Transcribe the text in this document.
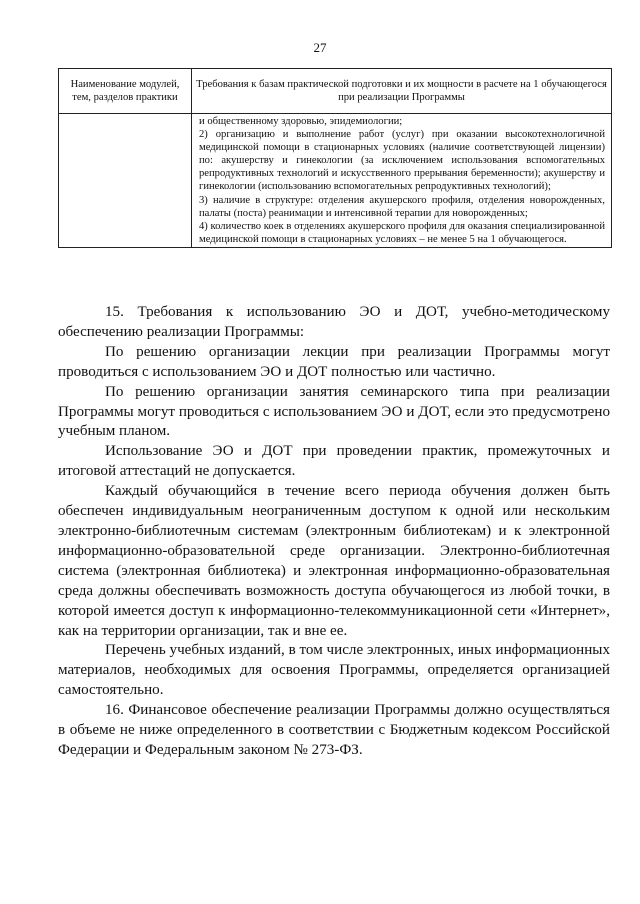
27
Наименование модулей, тем, разделов практики	Требования к базам практической подготовки и их мощности в расчете на 1 обучающегося при реализации Программы

	и общественному здоровью, эпидемиологии;
2) организацию и выполнение работ (услуг) при оказании высокотехнологичной медицинской помощи в стационарных условиях (наличие соответствующей лицензии) по: акушерству и гинекологии (за исключением использования вспомогательных репродуктивных технологий и искусственного прерывания беременности); акушерству и гинекологии (использованию вспомогательных репродуктивных технологий);
3) наличие в структуре: отделения акушерского профиля, отделения новорожденных, палаты (поста) реанимации и интенсивной терапии для новорожденных;
4) количество коек в отделениях акушерского профиля для оказания специализированной медицинской помощи в стационарных условиях – не менее 5 на 1 обучающегося.

15. Требования к использованию ЭО и ДОТ, учебно-методическому обеспечению реализации Программы:

По решению организации лекции при реализации Программы могут проводиться с использованием ЭО и ДОТ полностью или частично.

По решению организации занятия семинарского типа при реализации Программы могут проводиться с использованием ЭО и ДОТ, если это предусмотрено учебным планом.

Использование ЭО и ДОТ при проведении практик, промежуточных и итоговой аттестаций не допускается.

Каждый обучающийся в течение всего периода обучения должен быть обеспечен индивидуальным неограниченным доступом к одной или нескольким электронно-библиотечным системам (электронным библиотекам) и к электронной информационно-образовательной среде организации. Электронно-библиотечная система (электронная библиотека) и электронная информационно-образовательная среда должны обеспечивать возможность доступа обучающегося из любой точки, в которой имеется доступ к информационно-телекоммуникационной сети «Интернет», как на территории организации, так и вне ее.

Перечень учебных изданий, в том числе электронных, иных информационных материалов, необходимых для освоения Программы, определяется организацией самостоятельно.

16. Финансовое обеспечение реализации Программы должно осуществляться в объеме не ниже определенного в соответствии с Бюджетным кодексом Российской Федерации и Федеральным законом № 273-ФЗ.
